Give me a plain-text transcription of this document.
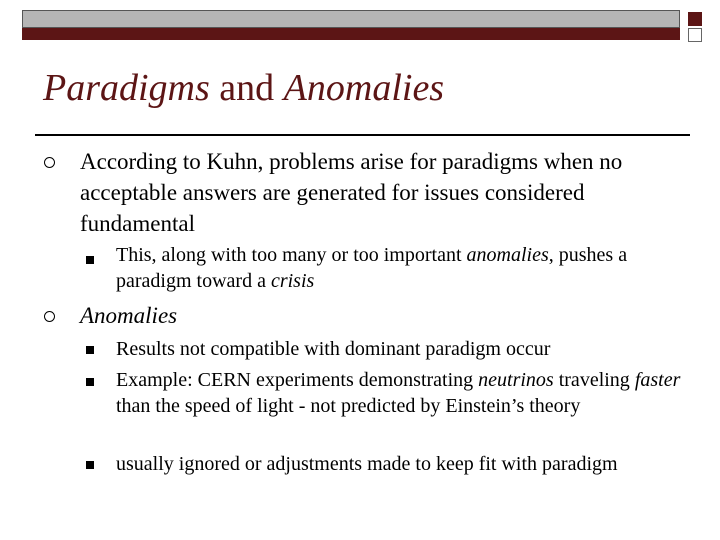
Paradigms and Anomalies
According to Kuhn, problems arise for paradigms when no acceptable answers are generated for issues considered fundamental
This, along with too many or too important anomalies, pushes a paradigm toward a crisis
Anomalies
Results not compatible with dominant paradigm occur
Example: CERN experiments demonstrating neutrinos traveling faster than the speed of light - not predicted by Einstein’s theory
usually ignored or adjustments made to keep fit with paradigm
